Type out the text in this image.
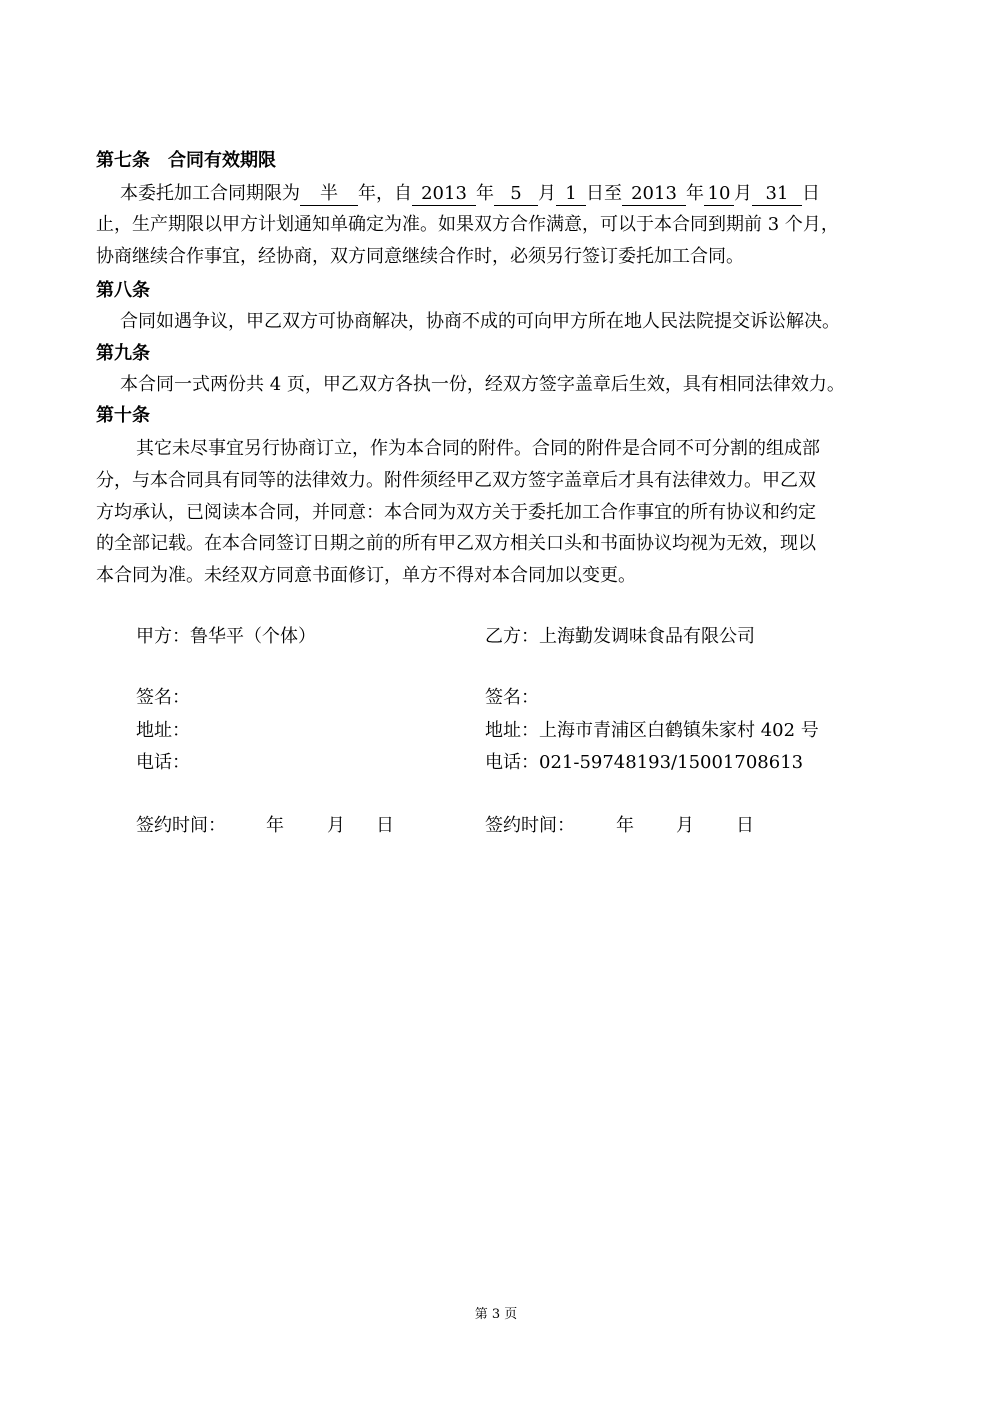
第七条　合同有效期限
本委托加工合同期限为 半 年，自 2013 年 5 月 1 日至 2013 年 10 月 31 日
止，生产期限以甲方计划通知单确定为准。如果双方合作满意，可以于本合同到期前 3 个月，
协商继续合作事宜，经协商，双方同意继续合作时，必须另行签订委托加工合同。
第八条
合同如遇争议，甲乙双方可协商解决，协商不成的可向甲方所在地人民法院提交诉讼解决。
第九条
本合同一式两份共 4 页，甲乙双方各执一份，经双方签字盖章后生效，具有相同法律效力。
第十条
其它未尽事宜另行协商订立，作为本合同的附件。合同的附件是合同不可分割的组成部
分，与本合同具有同等的法律效力。附件须经甲乙双方签字盖章后才具有法律效力。甲乙双
方均承认，已阅读本合同，并同意：本合同为双方关于委托加工合作事宜的所有协议和约定
的全部记载。在本合同签订日期之前的所有甲乙双方相关口头和书面协议均视为无效，现以
本合同为准。未经双方同意书面修订，单方不得对本合同加以变更。
甲方：鲁华平（个体）	乙方：上海勤发调味食品有限公司
签名：	签名：
地址：	地址：上海市青浦区白鹤镇朱家村 402 号
电话：	电话：021-59748193/15001708613
签约时间： 年 月 日	签约时间： 年 月 日
第 3 页
